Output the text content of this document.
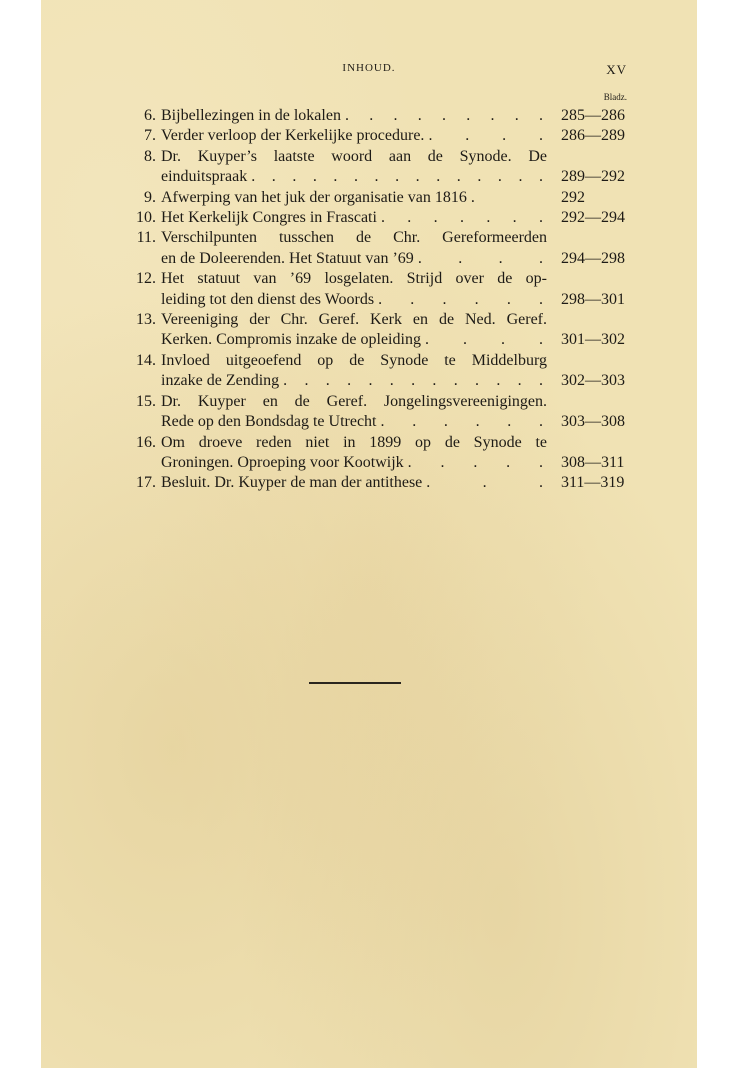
INHOUD.	XV
Bladz.
6. Bijbellezingen in de lokalen . . . . . . . . . 285—286
7. Verder verloop der Kerkelijke procedure. . . . . 286—289
8. Dr. Kuyper’s laatste woord aan de Synode. De
einduitspraak . . . . . . . . . . . . . . . 289—292
9. Afwerping van het juk der organisatie van 1816 .	292
10. Het Kerkelijk Congres in Frascati . . . . . . . 292—294
11. Verschilpunten tusschen de Chr. Gereformeerden
en de Doleerenden. Het Statuut van ’69 . . . . 294—298
12. Het statuut van ’69 losgelaten. Strijd over de op-
leiding tot den dienst des Woords . . . . . . 298—301
13. Vereeniging der Chr. Geref. Kerk en de Ned. Geref.
Kerken. Compromis inzake de opleiding . . . . 301—302
14. Invloed uitgeoefend op de Synode te Middelburg
inzake de Zending . . . . . . . . . . . . . 302—303
15. Dr. Kuyper en de Geref. Jongelingsvereenigingen.
Rede op den Bondsdag te Utrecht . . . . . . 303—308
16. Om droeve reden niet in 1899 op de Synode te
Groningen. Oproeping voor Kootwijk . . . . . 308—311
17. Besluit. Dr. Kuyper de man der antithese . . . 311—319
